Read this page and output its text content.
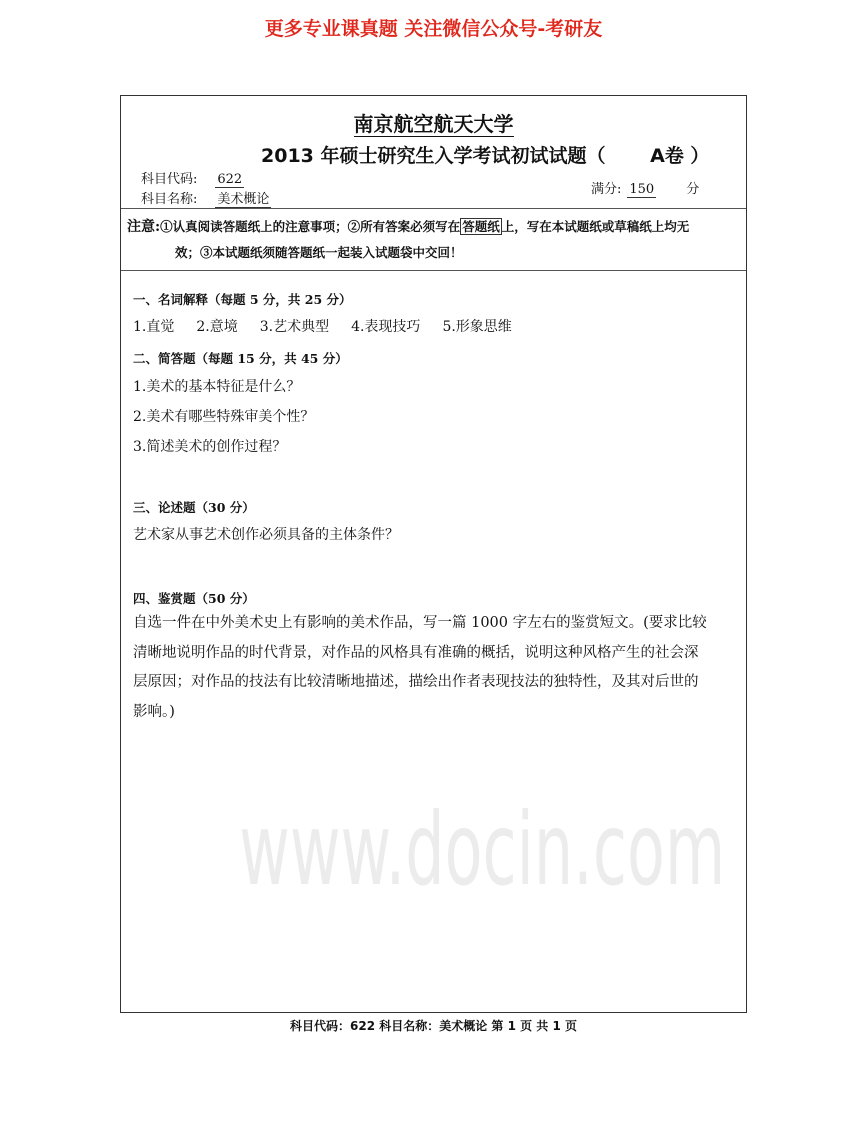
更多专业课真题 关注微信公众号-考研友
www.docin.com
南京航空航天大学
2013 年硕士研究生入学考试初试试题（　　 A卷 ）
科目代码: 622
科目名称: 美术概论
满分: 150 分
注意:①认真阅读答题纸上的注意事项；②所有答案必须写在 答题纸 上，写在本试题纸或草稿纸上均无
效；③本试题纸须随答题纸一起装入试题袋中交回！
一、名词解释（每题 5 分，共 25 分）
1.直觉 2.意境 3.艺术典型 4.表现技巧 5.形象思维
二、简答题（每题 15 分，共 45 分）
1.美术的基本特征是什么？
2.美术有哪些特殊审美个性？
3.简述美术的创作过程？
三、论述题（30 分）
艺术家从事艺术创作必须具备的主体条件？
四、鉴赏题（50 分）
自选一件在中外美术史上有影响的美术作品，写一篇 1000 字左右的鉴赏短文。(要求比较
清晰地说明作品的时代背景，对作品的风格具有准确的概括，说明这种风格产生的社会深
层原因；对作品的技法有比较清晰地描述，描绘出作者表现技法的独特性，及其对后世的
影响。)
科目代码：622 科目名称：美术概论 第 1 页 共 1 页
